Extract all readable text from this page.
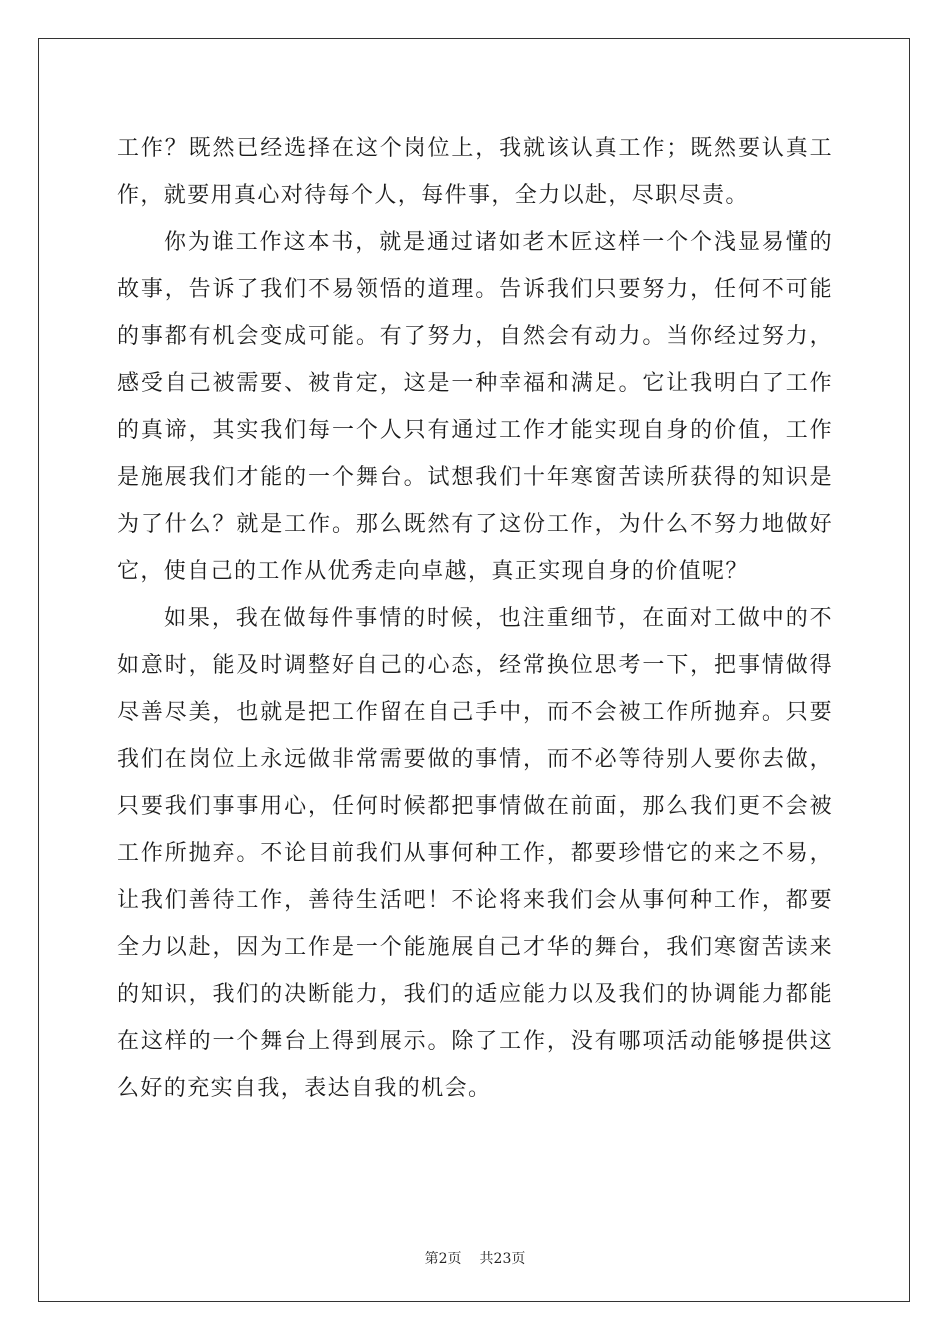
工作？既然已经选择在这个岗位上，我就该认真工作；既然要认真工
作，就要用真心对待每个人，每件事，全力以赴，尽职尽责。
你为谁工作这本书，就是通过诸如老木匠这样一个个浅显易懂的
故事，告诉了我们不易领悟的道理。告诉我们只要努力，任何不可能
的事都有机会变成可能。有了努力，自然会有动力。当你经过努力，
感受自己被需要、被肯定，这是一种幸福和满足。它让我明白了工作
的真谛，其实我们每一个人只有通过工作才能实现自身的价值，工作
是施展我们才能的一个舞台。试想我们十年寒窗苦读所获得的知识是
为了什么？就是工作。那么既然有了这份工作，为什么不努力地做好
它，使自己的工作从优秀走向卓越，真正实现自身的价值呢？
如果，我在做每件事情的时候，也注重细节，在面对工做中的不
如意时，能及时调整好自己的心态，经常换位思考一下，把事情做得
尽善尽美，也就是把工作留在自己手中，而不会被工作所抛弃。只要
我们在岗位上永远做非常需要做的事情，而不必等待别人要你去做，
只要我们事事用心，任何时候都把事情做在前面，那么我们更不会被
工作所抛弃。不论目前我们从事何种工作，都要珍惜它的来之不易，
让我们善待工作，善待生活吧！不论将来我们会从事何种工作，都要
全力以赴，因为工作是一个能施展自己才华的舞台，我们寒窗苦读来
的知识，我们的决断能力，我们的适应能力以及我们的协调能力都能
在这样的一个舞台上得到展示。除了工作，没有哪项活动能够提供这
么好的充实自我，表达自我的机会。
第2页 共23页
